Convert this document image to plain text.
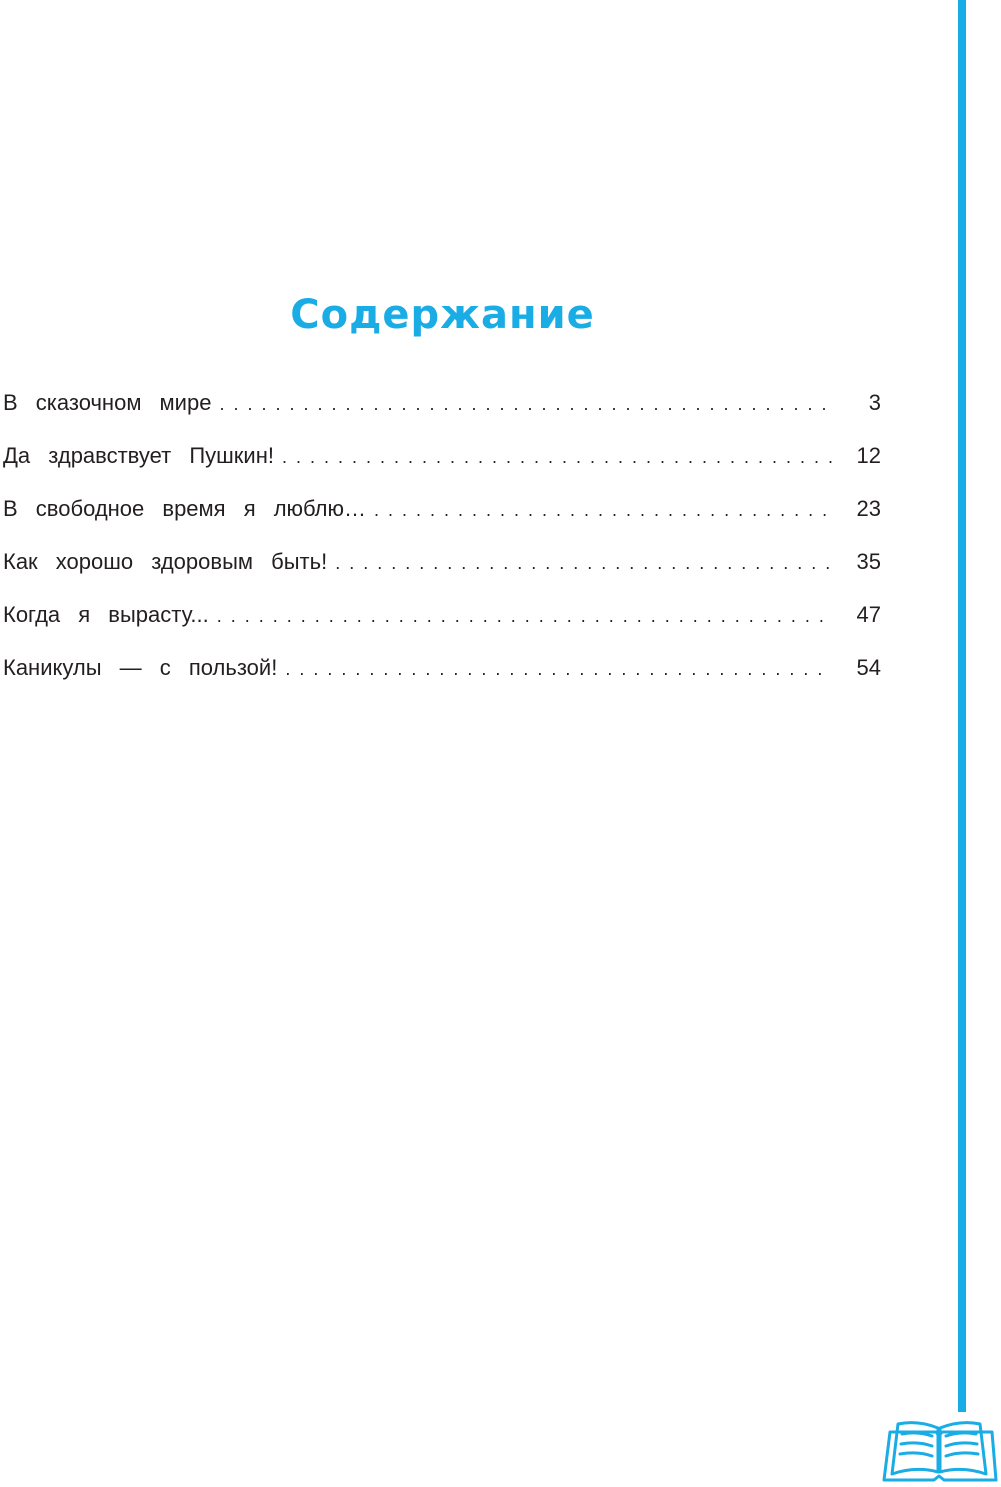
Содержание
В сказочном мире . . .	3
Да здравствует Пушкин! . . .	12
В свободное время я люблю… . . .	23
Как хорошо здоровым быть! . . .	35
Когда я вырасту... . . .	47
Каникулы — с пользой! . . .	54
